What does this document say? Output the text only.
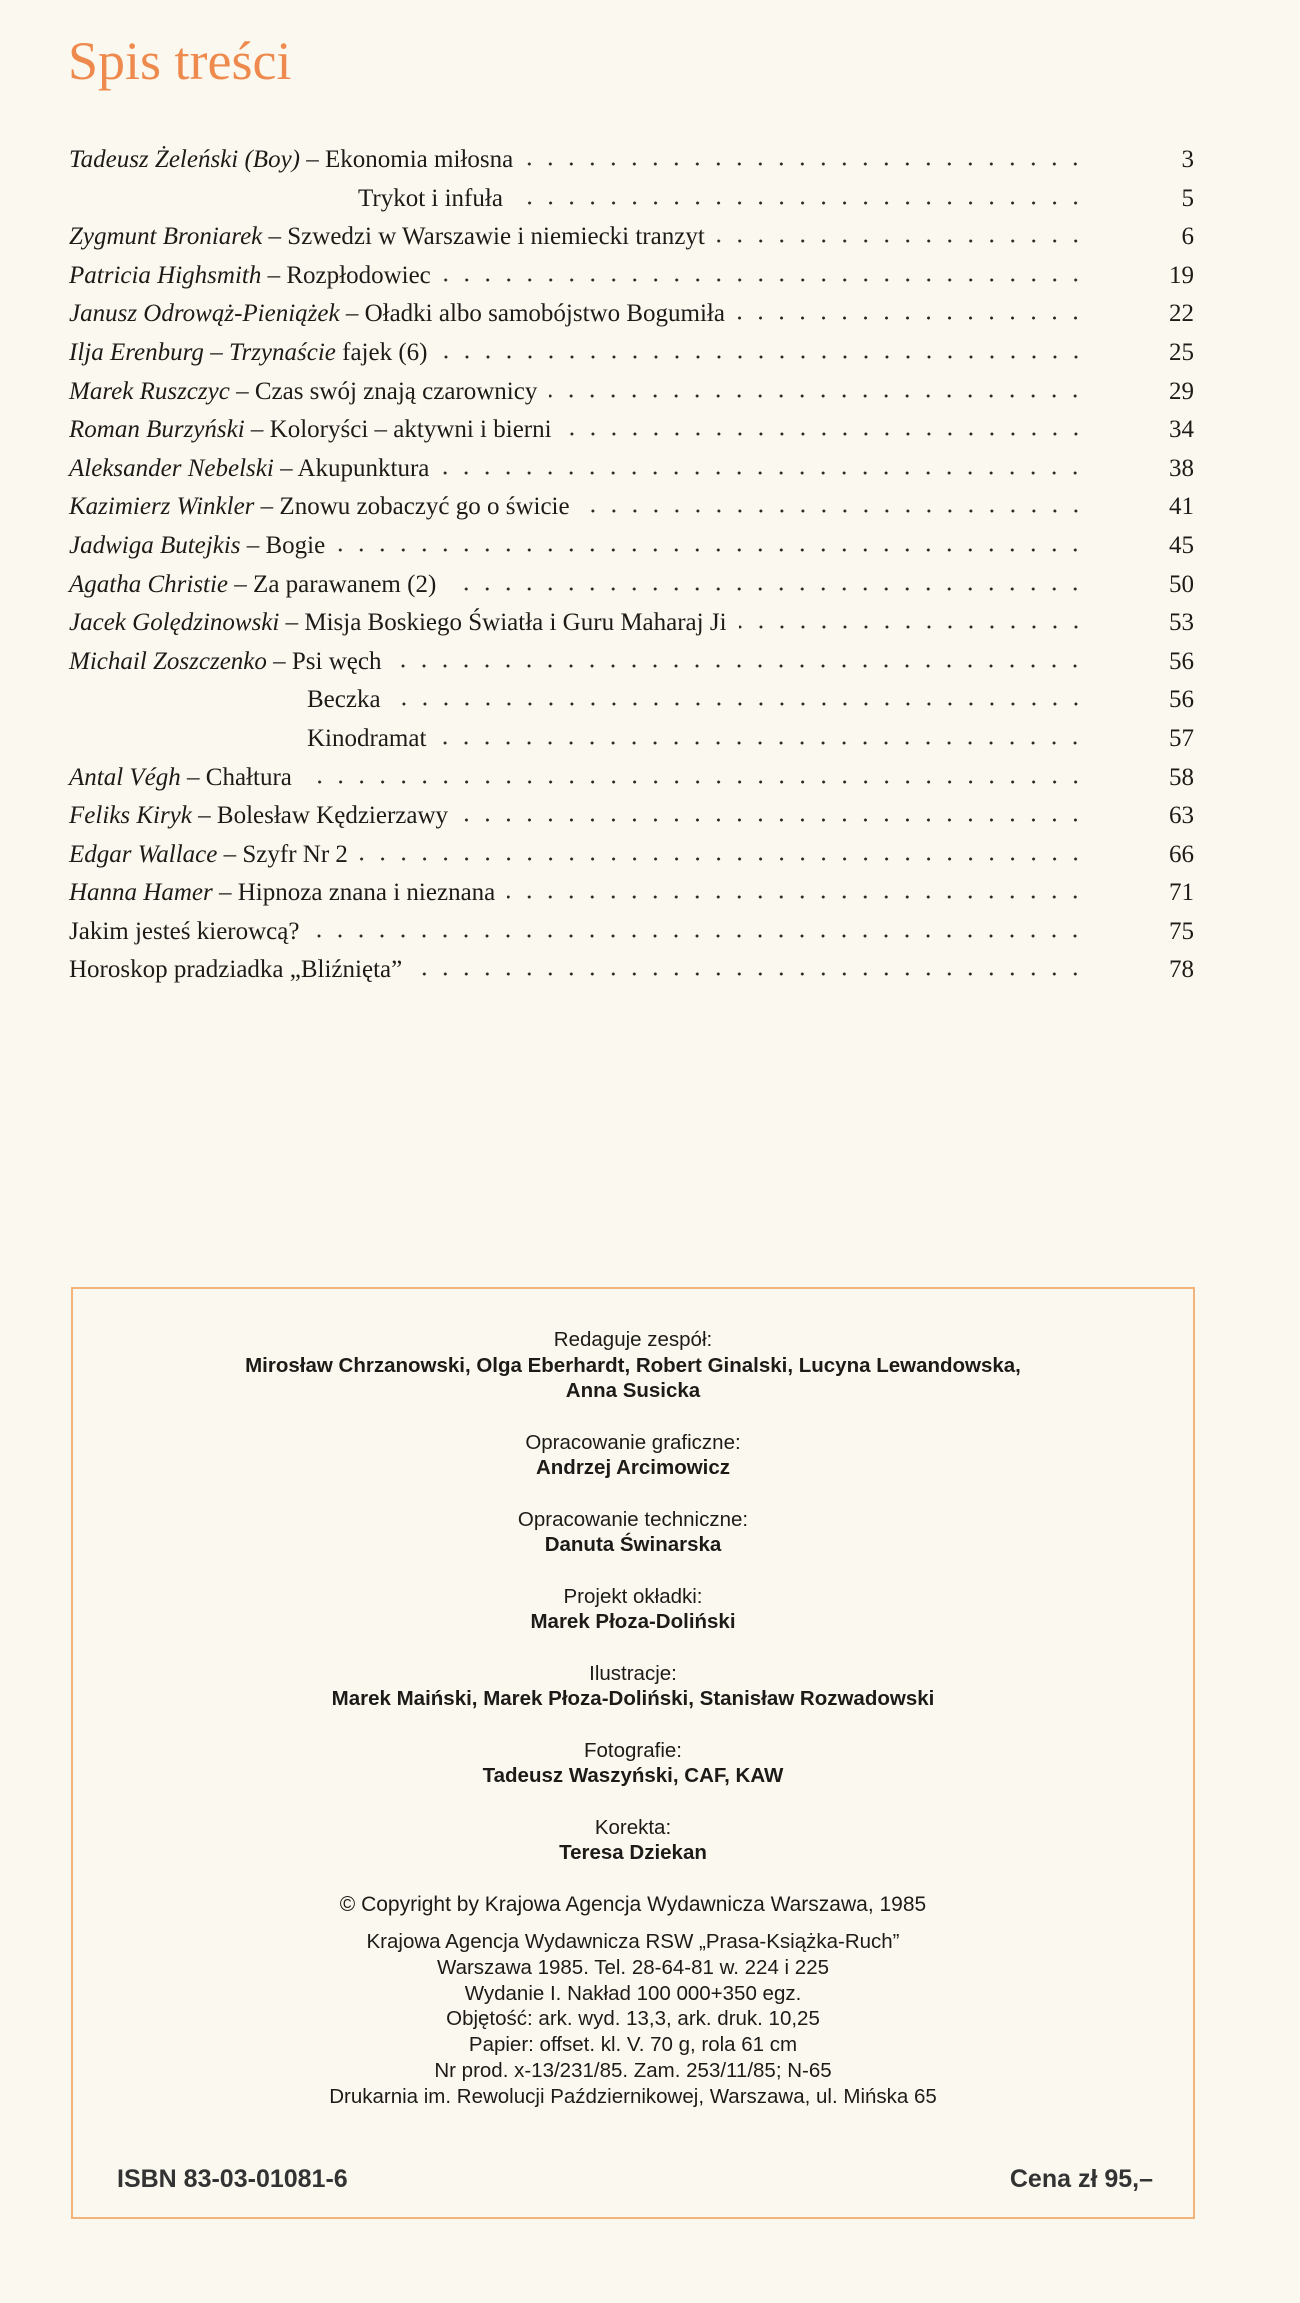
Spis treści
Tadeusz Żeleński (Boy) – Ekonomia miłosna	3
Trykot i infuła	5
Zygmunt Broniarek – Szwedzi w Warszawie i niemiecki tranzyt	6
Patricia Highsmith – Rozpłodowiec	19
Janusz Odrowąż-Pieniążek – Oładki albo samobójstwo Bogumiła	22
Ilja Erenburg – Trzynaście fajek (6)	25
Marek Ruszczyc – Czas swój znają czarownicy	29
Roman Burzyński – Koloryści – aktywni i bierni	34
Aleksander Nebelski – Akupunktura	38
Kazimierz Winkler – Znowu zobaczyć go o świcie	41
Jadwiga Butejkis – Bogie	45
Agatha Christie – Za parawanem (2)	50
Jacek Golędzinowski – Misja Boskiego Światła i Guru Maharaj Ji	53
Michail Zoszczenko – Psi węch	56
Beczka	56
Kinodramat	57
Antal Végh – Chałtura	58
Feliks Kiryk – Bolesław Kędzierzawy	63
Edgar Wallace – Szyfr Nr 2	66
Hanna Hamer – Hipnoza znana i nieznana	71
Jakim jesteś kierowcą?	75
Horoskop pradziadka „Bliźnięta”	78
Redaguje zespół:
Mirosław Chrzanowski, Olga Eberhardt, Robert Ginalski, Lucyna Lewandowska,
Anna Susicka
Opracowanie graficzne:
Andrzej Arcimowicz
Opracowanie techniczne:
Danuta Świnarska
Projekt okładki:
Marek Płoza-Doliński
Ilustracje:
Marek Maiński, Marek Płoza-Doliński, Stanisław Rozwadowski
Fotografie:
Tadeusz Waszyński, CAF, KAW
Korekta:
Teresa Dziekan
© Copyright by Krajowa Agencja Wydawnicza Warszawa, 1985
Krajowa Agencja Wydawnicza RSW „Prasa-Książka-Ruch”
Warszawa 1985. Tel. 28-64-81 w. 224 i 225
Wydanie I. Nakład 100 000+350 egz.
Objętość: ark. wyd. 13,3, ark. druk. 10,25
Papier: offset. kl. V. 70 g, rola 61 cm
Nr prod. x-13/231/85. Zam. 253/11/85; N-65
Drukarnia im. Rewolucji Październikowej, Warszawa, ul. Mińska 65
ISBN 83-03-01081-6	Cena zł 95,–
